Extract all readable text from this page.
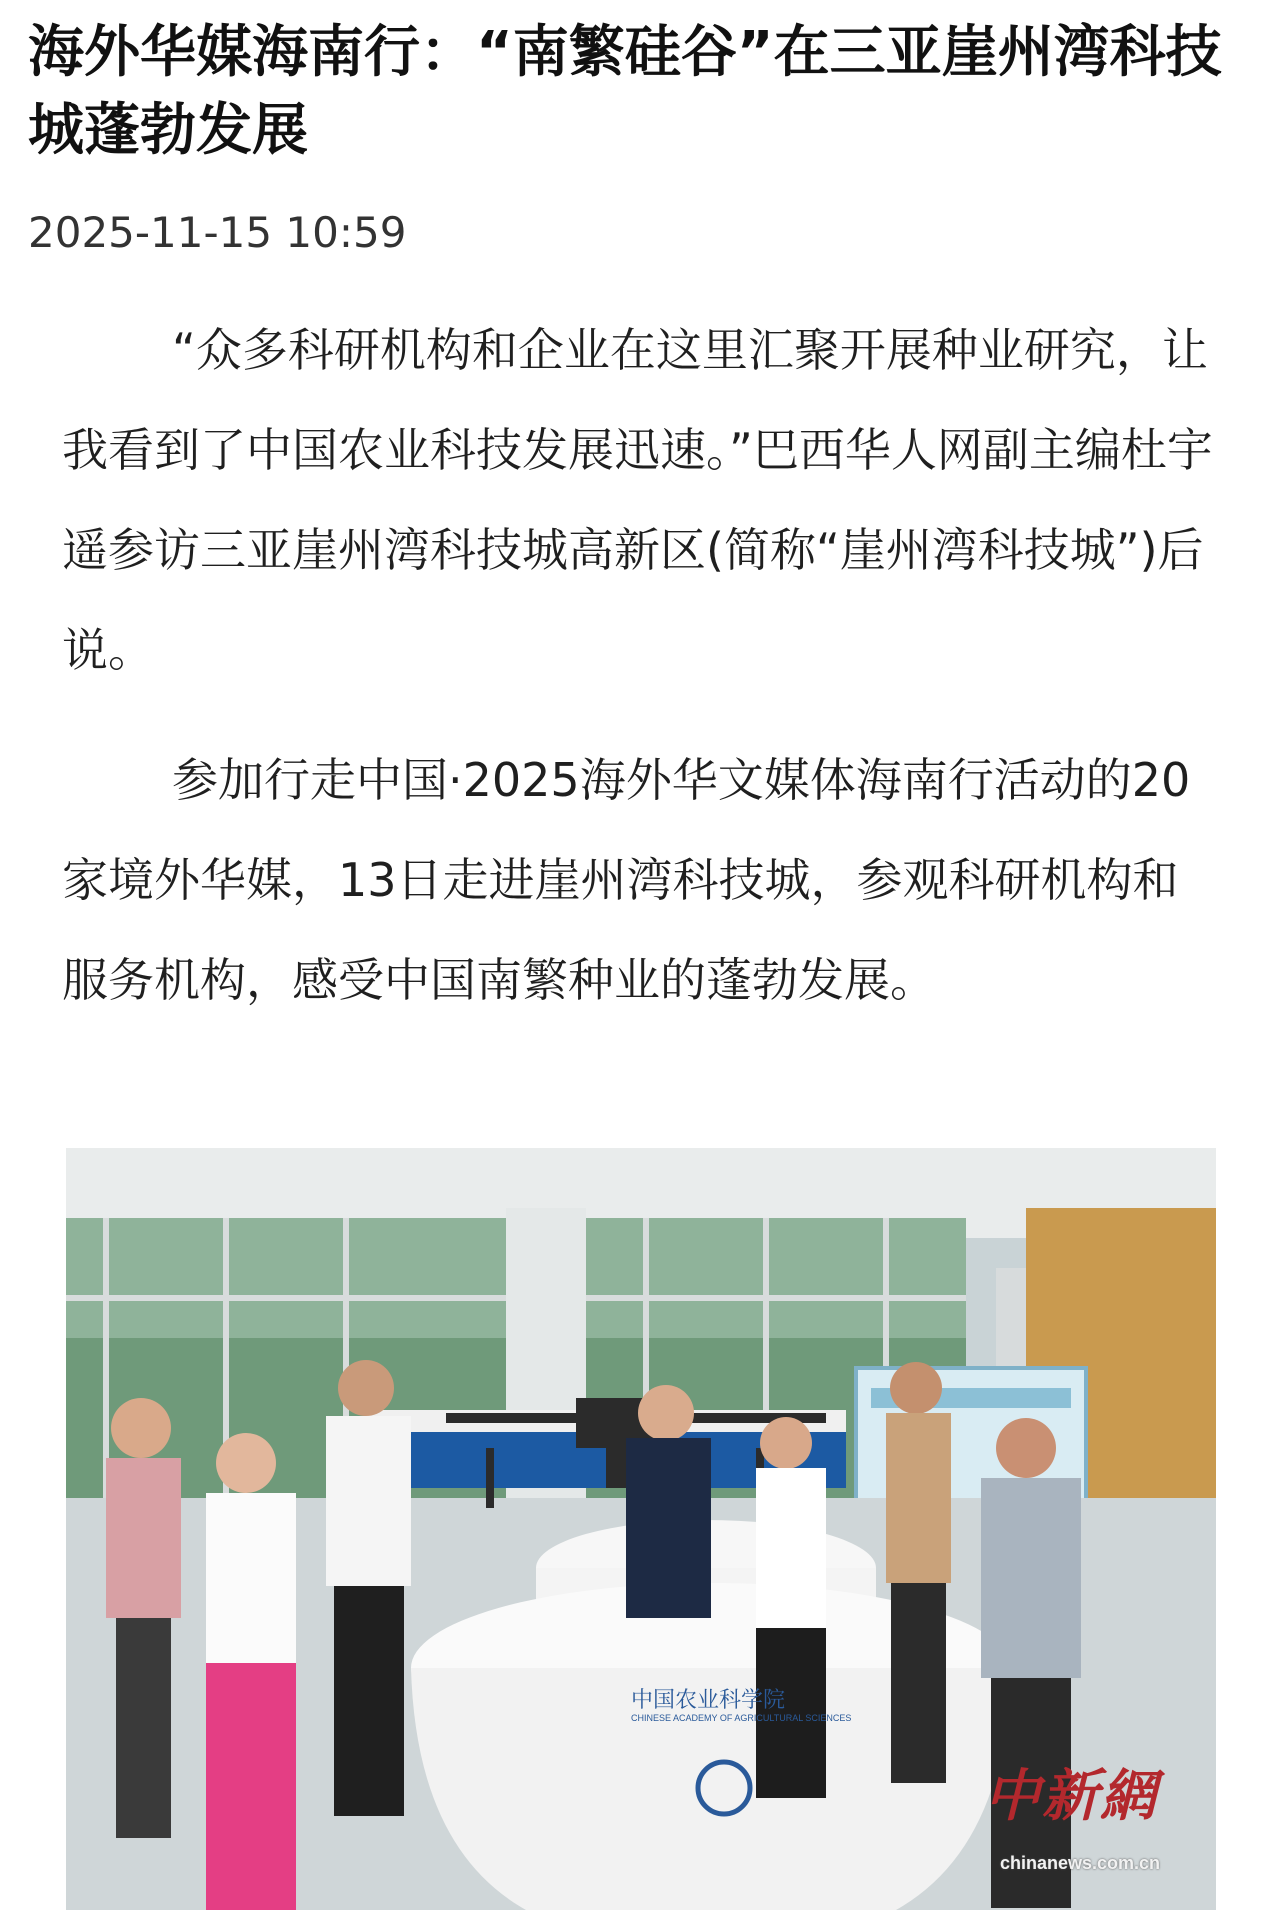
海外华媒海南行：“南繁硅谷”在三亚崖州湾科技城蓬勃发展
2025-11-15 10:59

“众多科研机构和企业在这里汇聚开展种业研究，让我看到了中国农业科技发展迅速。”巴西华人网副主编杜宇遥参访三亚崖州湾科技城高新区(简称“崖州湾科技城”)后说。

参加行走中国·2025海外华文媒体海南行活动的20家境外华媒，13日走进崖州湾科技城，参观科研机构和服务机构，感受中国南繁种业的蓬勃发展。

中新網
chinanews.com.cn
中国农业科学院
CHINESE ACADEMY OF AGRICULTURAL SCIENCES
